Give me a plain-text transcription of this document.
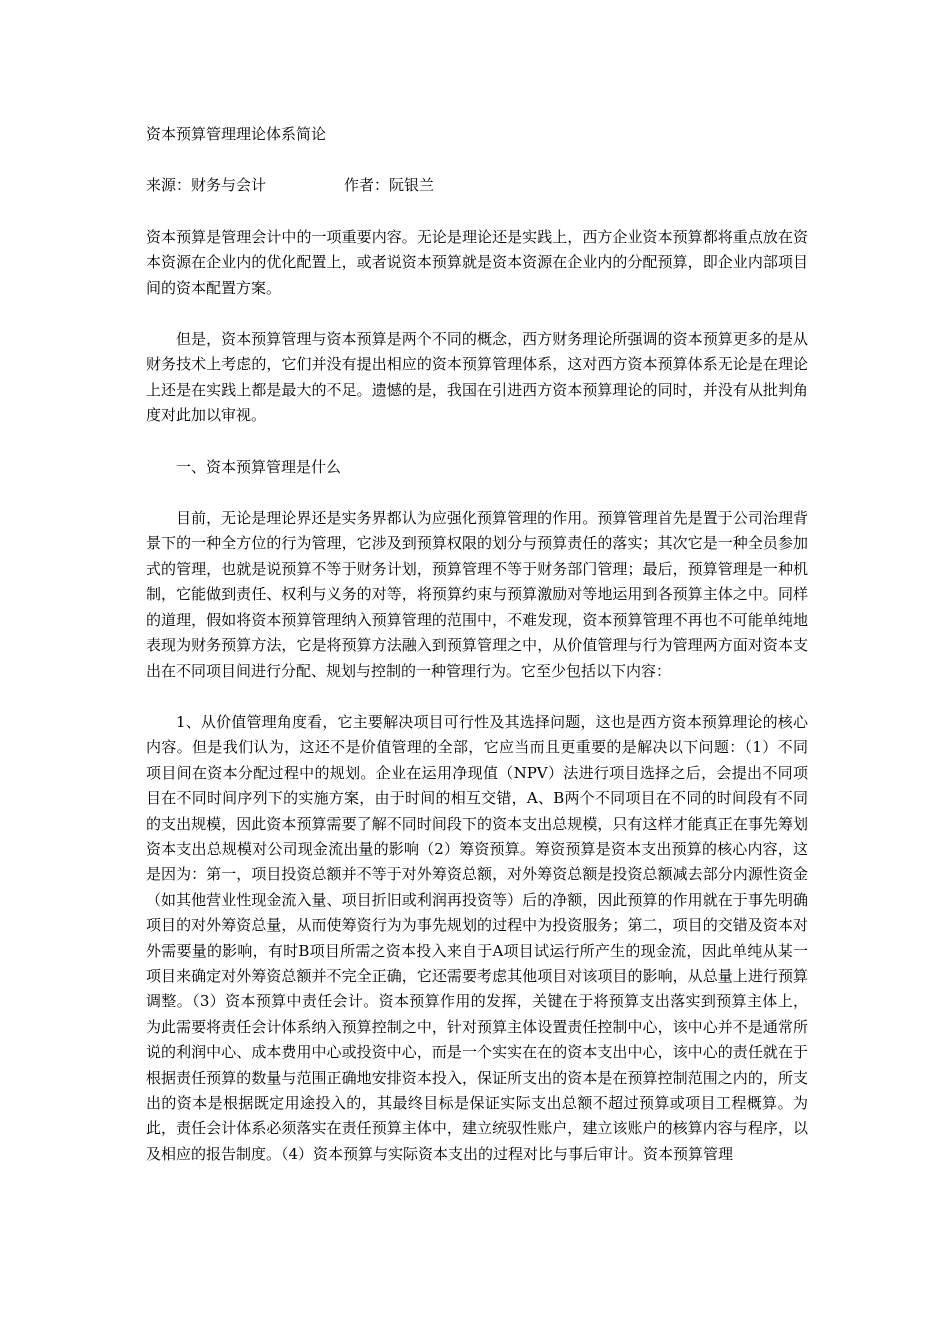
资本预算管理理论体系简论

来源：财务与会计	作者：阮银兰

资本预算是管理会计中的一项重要内容。无论是理论还是实践上，西方企业资本预算都将重点放在资本资源在企业内的优化配置上，或者说资本预算就是资本资源在企业内的分配预算，即企业内部项目间的资本配置方案。

但是，资本预算管理与资本预算是两个不同的概念，西方财务理论所强调的资本预算更多的是从财务技术上考虑的，它们并没有提出相应的资本预算管理体系，这对西方资本预算体系无论是在理论上还是在实践上都是最大的不足。遗憾的是，我国在引进西方资本预算理论的同时，并没有从批判角度对此加以审视。

一、资本预算管理是什么

目前，无论是理论界还是实务界都认为应强化预算管理的作用。预算管理首先是置于公司治理背景下的一种全方位的行为管理，它涉及到预算权限的划分与预算责任的落实；其次它是一种全员参加式的管理，也就是说预算不等于财务计划，预算管理不等于财务部门管理；最后，预算管理是一种机制，它能做到责任、权利与义务的对等，将预算约束与预算激励对等地运用到各预算主体之中。同样的道理，假如将资本预算管理纳入预算管理的范围中，不难发现，资本预算管理不再也不可能单纯地表现为财务预算方法，它是将预算方法融入到预算管理之中，从价值管理与行为管理两方面对资本支出在不同项目间进行分配、规划与控制的一种管理行为。它至少包括以下内容：

1、从价值管理角度看，它主要解决项目可行性及其选择问题，这也是西方资本预算理论的核心内容。但是我们认为，这还不是价值管理的全部，它应当而且更重要的是解决以下问题：（1）不同项目间在资本分配过程中的规划。企业在运用净现值（NPV）法进行项目选择之后，会提出不同项目在不同时间序列下的实施方案，由于时间的相互交错，A、B两个不同项目在不同的时间段有不同的支出规模，因此资本预算需要了解不同时间段下的资本支出总规模，只有这样才能真正在事先筹划资本支出总规模对公司现金流出量的影响（2）筹资预算。筹资预算是资本支出预算的核心内容，这是因为：第一，项目投资总额并不等于对外筹资总额，对外筹资总额是投资总额减去部分内源性资金（如其他营业性现金流入量、项目折旧或利润再投资等）后的净额，因此预算的作用就在于事先明确项目的对外筹资总量，从而使筹资行为为事先规划的过程中为投资服务；第二，项目的交错及资本对外需要量的影响，有时B项目所需之资本投入来自于A项目试运行所产生的现金流，因此单纯从某一项目来确定对外筹资总额并不完全正确，它还需要考虑其他项目对该项目的影响，从总量上进行预算调整。（3）资本预算中责任会计。资本预算作用的发挥，关键在于将预算支出落实到预算主体上，为此需要将责任会计体系纳入预算控制之中，针对预算主体设置责任控制中心，该中心并不是通常所说的利润中心、成本费用中心或投资中心，而是一个实实在在的资本支出中心，该中心的责任就在于根据责任预算的数量与范围正确地安排资本投入，保证所支出的资本是在预算控制范围之内的，所支出的资本是根据既定用途投入的，其最终目标是保证实际支出总额不超过预算或项目工程概算。为此，责任会计体系必须落实在责任预算主体中，建立统驭性账户，建立该账户的核算内容与程序，以及相应的报告制度。（4）资本预算与实际资本支出的过程对比与事后审计。资本预算管理
